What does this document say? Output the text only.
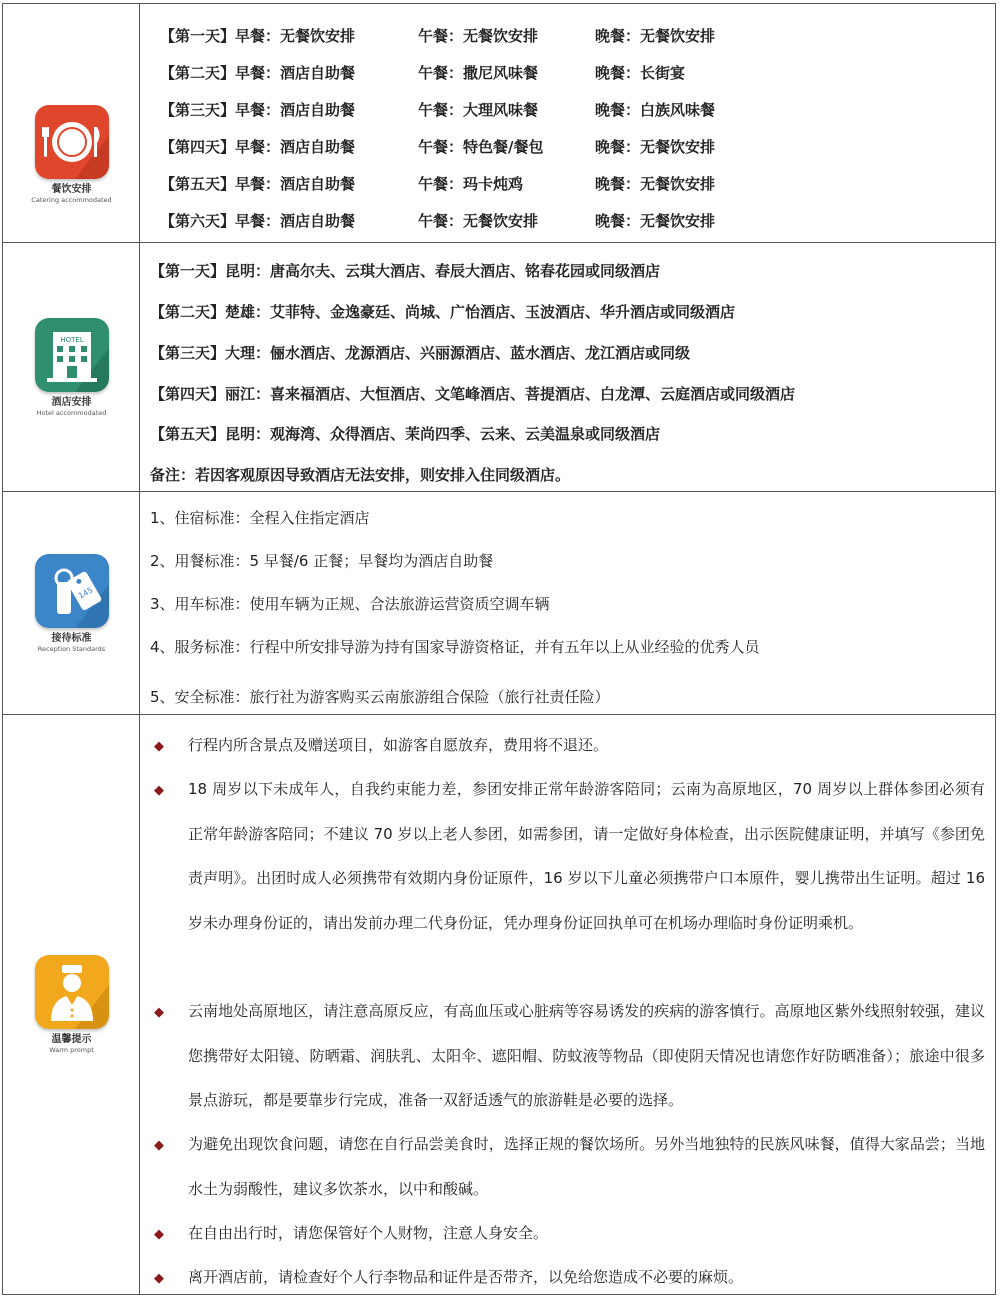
餐饮安排
Catering accommodated
【第一天】早餐：无餐饮安排	午餐：无餐饮安排	晚餐：无餐饮安排
【第二天】早餐：酒店自助餐	午餐：撒尼风味餐	晚餐：长街宴
【第三天】早餐：酒店自助餐	午餐：大理风味餐	晚餐：白族风味餐
【第四天】早餐：酒店自助餐	午餐：特色餐/餐包	晚餐：无餐饮安排
【第五天】早餐：酒店自助餐	午餐：玛卡炖鸡	晚餐：无餐饮安排
【第六天】早餐：酒店自助餐	午餐：无餐饮安排	晚餐：无餐饮安排
HOTEL
酒店安排
Hotel accommodated
【第一天】昆明：唐高尔夫、云琪大酒店、春辰大酒店、铭春花园或同级酒店
【第二天】楚雄：艾菲特、金逸豪廷、尚城、广怡酒店、玉波酒店、华升酒店或同级酒店
【第三天】大理：俪水酒店、龙源酒店、兴丽源酒店、蓝水酒店、龙江酒店或同级
【第四天】丽江：喜来福酒店、大恒酒店、文笔峰酒店、菩提酒店、白龙潭、云庭酒店或同级酒店
【第五天】昆明：观海湾、众得酒店、茉尚四季、云来、云美温泉或同级酒店
备注：若因客观原因导致酒店无法安排，则安排入住同级酒店。
145
接待标准
Reception Standards
1、住宿标准：全程入住指定酒店
2、用餐标准：5 早餐/6 正餐；早餐均为酒店自助餐
3、用车标准：使用车辆为正规、合法旅游运营资质空调车辆
4、服务标准：行程中所安排导游为持有国家导游资格证，并有五年以上从业经验的优秀人员
5、安全标准：旅行社为游客购买云南旅游组合保险（旅行社责任险）
温馨提示
Warm prompt
◆ 行程内所含景点及赠送项目，如游客自愿放弃，费用将不退还。
◆ 18 周岁以下未成年人，自我约束能力差，参团安排正常年龄游客陪同；云南为高原地区，70 周岁以上群体参团必须有正常年龄游客陪同；不建议 70 岁以上老人参团，如需参团，请一定做好身体检查，出示医院健康证明，并填写《参团免责声明》。出团时成人必须携带有效期内身份证原件，16 岁以下儿童必须携带户口本原件，婴儿携带出生证明。超过 16 岁未办理身份证的，请出发前办理二代身份证，凭办理身份证回执单可在机场办理临时身份证明乘机。
◆ 云南地处高原地区，请注意高原反应，有高血压或心脏病等容易诱发的疾病的游客慎行。高原地区紫外线照射较强，建议您携带好太阳镜、防晒霜、润肤乳、太阳伞、遮阳帽、防蚊液等物品（即使阴天情况也请您作好防晒准备）；旅途中很多景点游玩，都是要靠步行完成，准备一双舒适透气的旅游鞋是必要的选择。
◆ 为避免出现饮食问题，请您在自行品尝美食时，选择正规的餐饮场所。另外当地独特的民族风味餐，值得大家品尝；当地水土为弱酸性，建议多饮茶水，以中和酸碱。
◆ 在自由出行时，请您保管好个人财物，注意人身安全。
◆ 离开酒店前，请检查好个人行李物品和证件是否带齐，以免给您造成不必要的麻烦。
